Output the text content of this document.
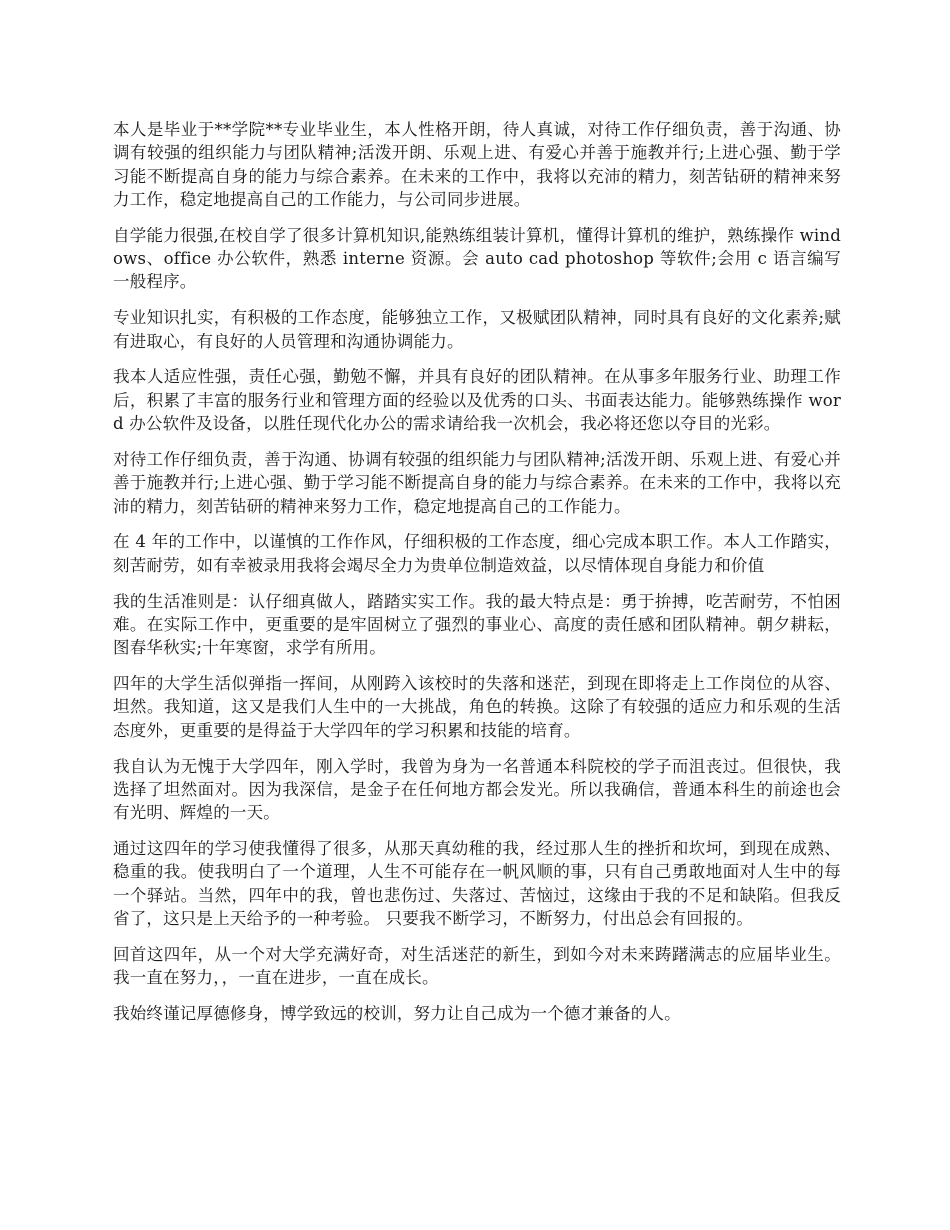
本人是毕业于**学院**专业毕业生，本人性格开朗，待人真诚，对待工作仔细负责，善于沟通、协调有较强的组织能力与团队精神;活泼开朗、乐观上进、有爱心并善于施教并行;上进心强、勤于学习能不断提高自身的能力与综合素养。在未来的工作中，我将以充沛的精力，刻苦钻研的精神来努力工作，稳定地提高自己的工作能力，与公司同步进展。

自学能力很强,在校自学了很多计算机知识,能熟练组装计算机，懂得计算机的维护，熟练操作 windows、office 办公软件，熟悉 interne 资源。会 auto cad photoshop 等软件;会用 c 语言编写一般程序。

专业知识扎实，有积极的工作态度，能够独立工作，又极赋团队精神，同时具有良好的文化素养;赋有进取心，有良好的人员管理和沟通协调能力。

我本人适应性强，责任心强，勤勉不懈，并具有良好的团队精神。在从事多年服务行业、助理工作后，积累了丰富的服务行业和管理方面的经验以及优秀的口头、书面表达能力。能够熟练操作 word 办公软件及设备，以胜任现代化办公的需求请给我一次机会，我必将还您以夺目的光彩。

对待工作仔细负责，善于沟通、协调有较强的组织能力与团队精神;活泼开朗、乐观上进、有爱心并善于施教并行;上进心强、勤于学习能不断提高自身的能力与综合素养。在未来的工作中，我将以充沛的精力，刻苦钻研的精神来努力工作，稳定地提高自己的工作能力。

在 4 年的工作中，以谨慎的工作作风，仔细积极的工作态度，细心完成本职工作。本人工作踏实，刻苦耐劳，如有幸被录用我将会竭尽全力为贵单位制造效益，以尽情体现自身能力和价值

我的生活准则是：认仔细真做人，踏踏实实工作。我的最大特点是：勇于拚搏，吃苦耐劳，不怕困难。在实际工作中，更重要的是牢固树立了强烈的事业心、高度的责任感和团队精神。朝夕耕耘，图春华秋实;十年寒窗，求学有所用。

四年的大学生活似弹指一挥间，从刚跨入该校时的失落和迷茫，到现在即将走上工作岗位的从容、坦然。我知道，这又是我们人生中的一大挑战，角色的转换。这除了有较强的适应力和乐观的生活态度外，更重要的是得益于大学四年的学习积累和技能的培育。

我自认为无愧于大学四年，刚入学时，我曾为身为一名普通本科院校的学子而沮丧过。但很快，我选择了坦然面对。因为我深信，是金子在任何地方都会发光。所以我确信，普通本科生的前途也会有光明、辉煌的一天。

通过这四年的学习使我懂得了很多，从那天真幼稚的我，经过那人生的挫折和坎坷，到现在成熟、稳重的我。使我明白了一个道理，人生不可能存在一帆风顺的事，只有自己勇敢地面对人生中的每一个驿站。当然，四年中的我，曾也悲伤过、失落过、苦恼过，这缘由于我的不足和缺陷。但我反省了，这只是上天给予的一种考验。 只要我不断学习，不断努力，付出总会有回报的。

回首这四年，从一个对大学充满好奇，对生活迷茫的新生，到如今对未来踌躇满志的应届毕业生。我一直在努力，，一直在进步，一直在成长。

我始终谨记厚德修身，博学致远的校训，努力让自己成为一个德才兼备的人。
